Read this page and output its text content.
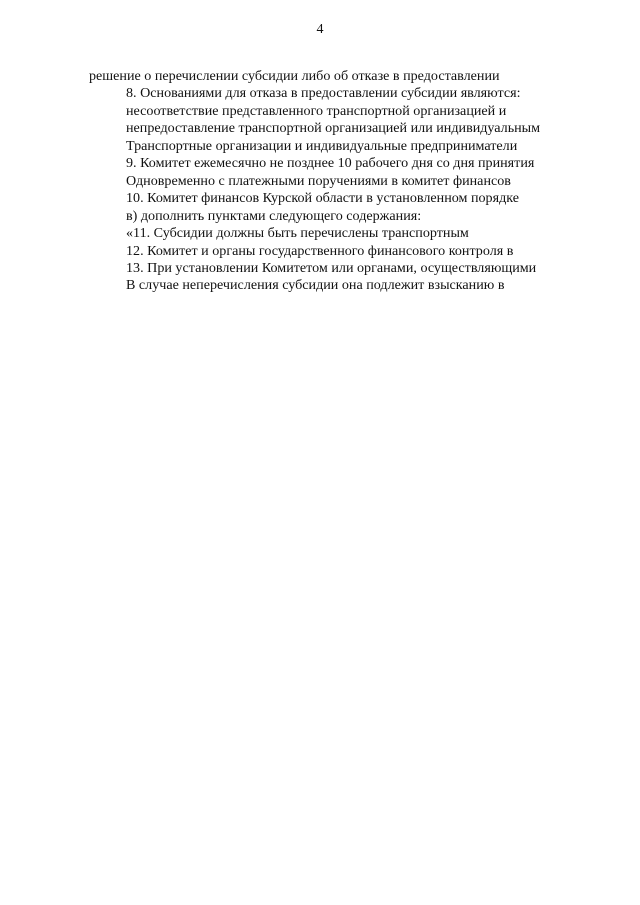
4

решение о перечислении субсидии либо об отказе в предоставлении

8. Основаниями для отказа в предоставлении субсидии являются:

несоответствие представленного транспортной организацией и

непредоставление транспортной организацией или индивидуальным

Транспортные организации и индивидуальные предприниматели

9. Комитет ежемесячно не позднее 10 рабочего дня со дня принятия

Одновременно с платежными поручениями в комитет финансов

10. Комитет финансов Курской области в установленном порядке

в) дополнить пунктами следующего содержания:

«11. Субсидии должны быть перечислены транспортным

12. Комитет и органы государственного финансового контроля в

13. При установлении Комитетом или органами, осуществляющими

В случае неперечисления субсидии она подлежит взысканию в
